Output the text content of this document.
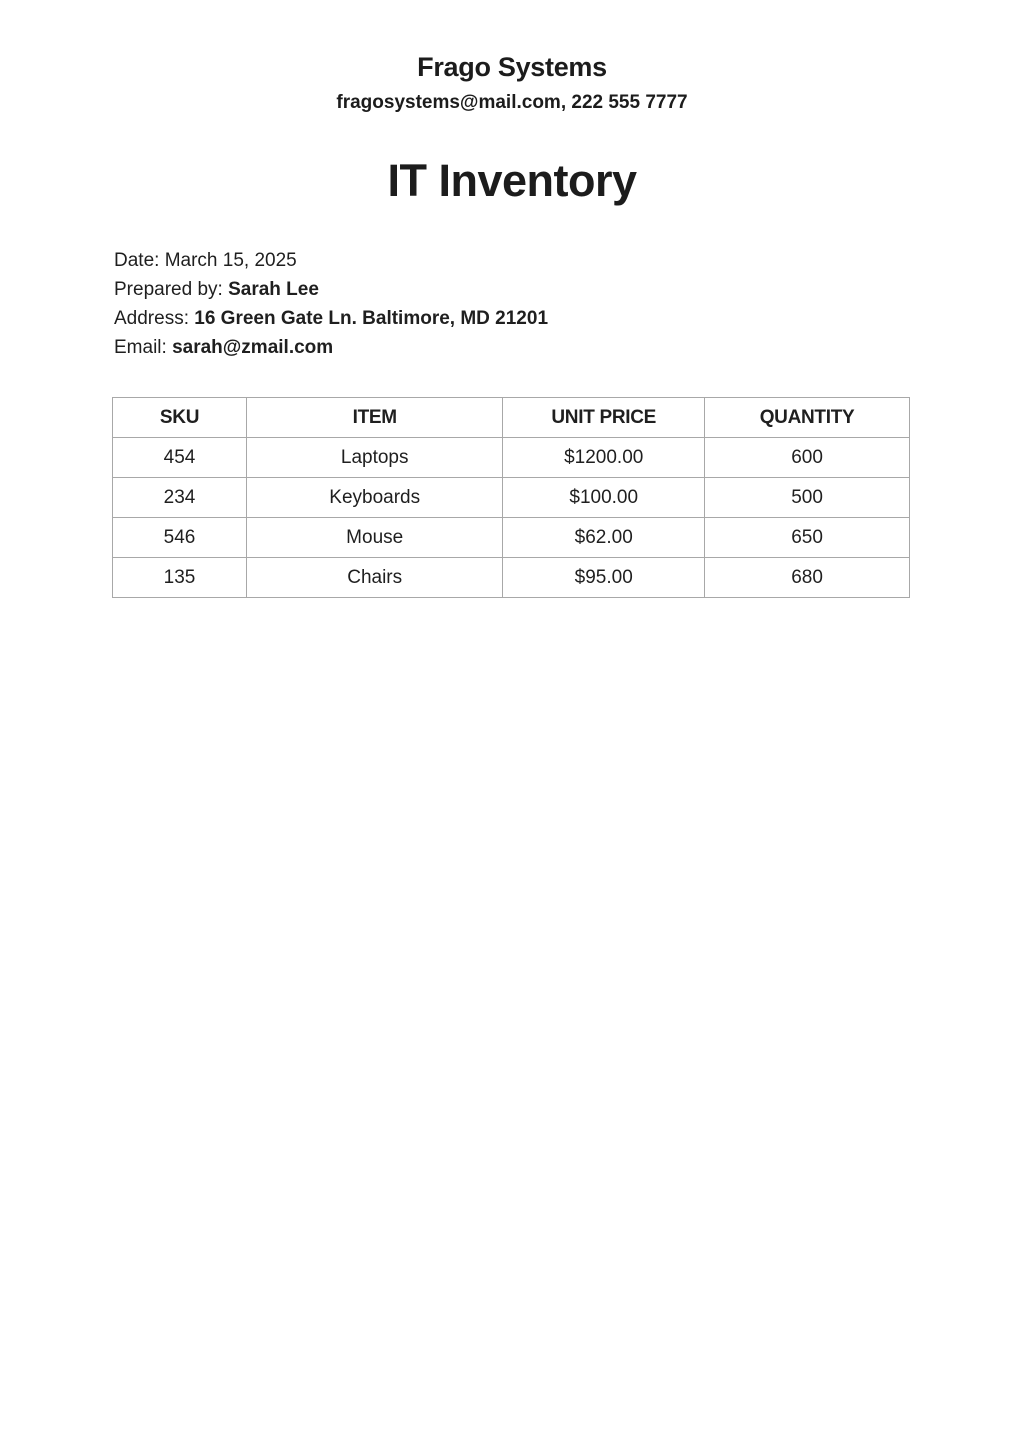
Frago Systems
fragosystems@mail.com, 222 555 7777
IT Inventory
Date: March 15, 2025
Prepared by: Sarah Lee
Address: 16 Green Gate Ln. Baltimore, MD 21201
Email: sarah@zmail.com
SKU	ITEM	UNIT PRICE	QUANTITY
454	Laptops	$1200.00	600
234	Keyboards	$100.00	500
546	Mouse	$62.00	650
135	Chairs	$95.00	680
